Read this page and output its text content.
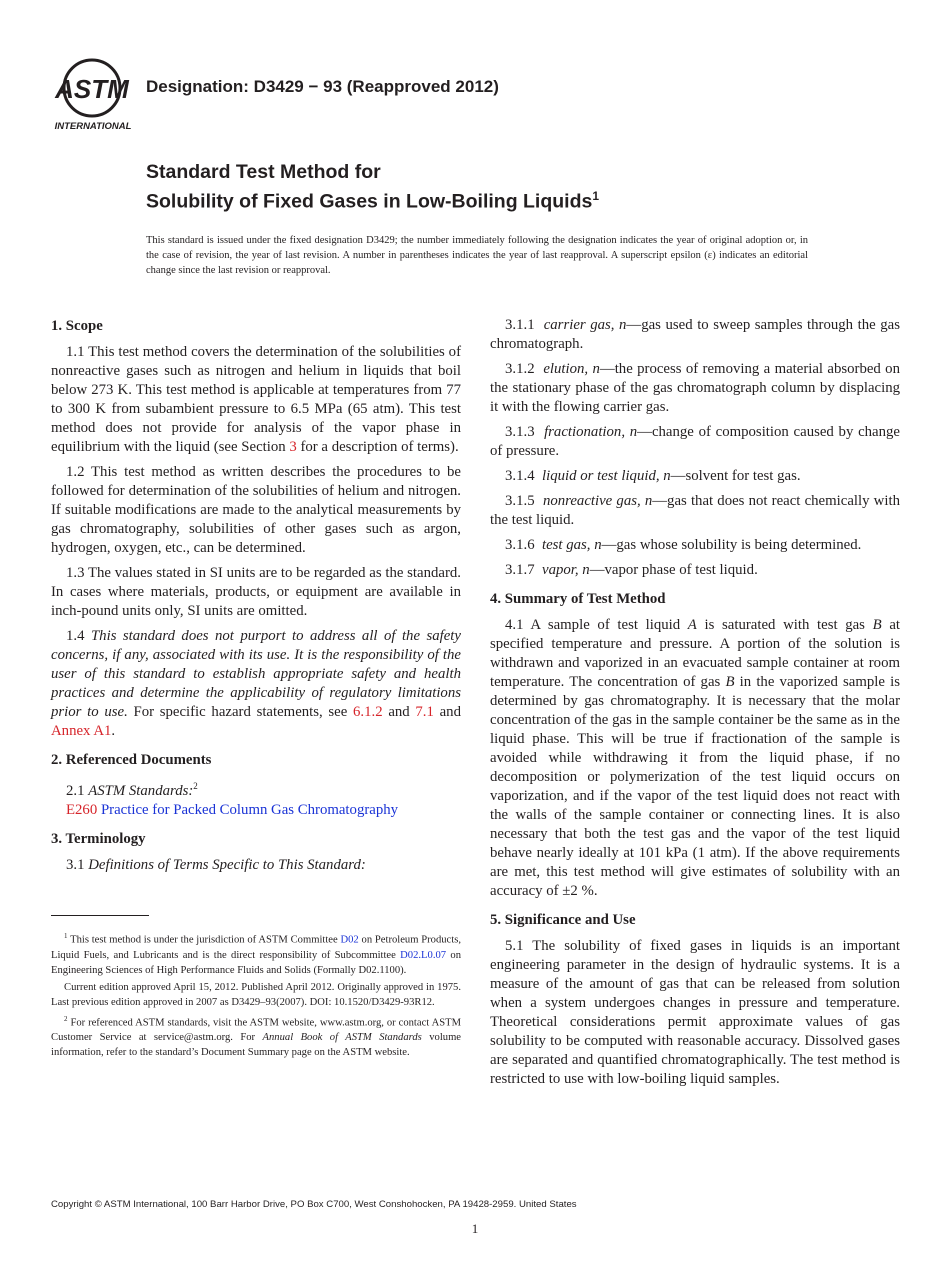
ASTM
INTERNATIONAL
Designation: D3429 − 93 (Reapproved 2012)
Standard Test Method for
Solubility of Fixed Gases in Low-Boiling Liquids$^1$
This standard is issued under the fixed designation D3429; the number immediately following the designation indicates the year of original adoption or, in the case of revision, the year of last revision. A number in parentheses indicates the year of last reapproval. A superscript epsilon (ε) indicates an editorial change since the last revision or reapproval.

1. Scope

1.1 This test method covers the determination of the solubilities of nonreactive gases such as nitrogen and helium in liquids that boil below 273 K. This test method is applicable at temperatures from 77 to 300 K from subambient pressure to 6.5 MPa (65 atm). This test method does not provide for analysis of the vapor phase in equilibrium with the liquid (see Section 3 for a description of terms).

1.2 This test method as written describes the procedures to be followed for determination of the solubilities of helium and nitrogen. If suitable modifications are made to the analytical measurements by gas chromatography, solubilities of other gases such as argon, hydrogen, oxygen, etc., can be determined.

1.3 The values stated in SI units are to be regarded as the standard. In cases where materials, products, or equipment are available in inch-pound units only, SI units are omitted.

1.4 This standard does not purport to address all of the safety concerns, if any, associated with its use. It is the responsibility of the user of this standard to establish appropriate safety and health practices and determine the applicability of regulatory limitations prior to use. For specific hazard statements, see 6.1.2 and 7.1 and Annex A1.

2. Referenced Documents

2.1 ASTM Standards:$^2$

E260 Practice for Packed Column Gas Chromatography

3. Terminology

3.1 Definitions of Terms Specific to This Standard:

3.1.1 carrier gas, n—gas used to sweep samples through the gas chromatograph.

3.1.2 elution, n—the process of removing a material absorbed on the stationary phase of the gas chromatograph column by displacing it with the flowing carrier gas.

3.1.3 fractionation, n—change of composition caused by change of pressure.

3.1.4 liquid or test liquid, n—solvent for test gas.

3.1.5 nonreactive gas, n—gas that does not react chemically with the test liquid.

3.1.6 test gas, n—gas whose solubility is being determined.

3.1.7 vapor, n—vapor phase of test liquid.

4. Summary of Test Method

4.1 A sample of test liquid A is saturated with test gas B at specified temperature and pressure. A portion of the solution is withdrawn and vaporized in an evacuated sample container at room temperature. The concentration of gas B in the vaporized sample is determined by gas chromatography. It is necessary that the molar concentration of the gas in the sample container be the same as in the liquid phase. This will be true if fractionation of the sample is avoided while withdrawing it from the liquid phase, if no decomposition or polymerization of the test liquid occurs on vaporization, and if the vapor of the test liquid does not react with the walls of the sample container or connecting lines. It is also necessary that both the test gas and the vapor of the test liquid behave nearly ideally at 101 kPa (1 atm). If the above requirements are met, this test method will give estimates of solubility with an accuracy of ±2 %.

5. Significance and Use

5.1 The solubility of fixed gases in liquids is an important engineering parameter in the design of hydraulic systems. It is a measure of the amount of gas that can be released from solution when a system undergoes changes in pressure and temperature. Theoretical considerations permit approximate values of gas solubility to be computed with reasonable accuracy. Dissolved gases are separated and quantified chromatographically. The test method is restricted to use with low-boiling liquid samples.

$^1$ This test method is under the jurisdiction of ASTM Committee D02 on Petroleum Products, Liquid Fuels, and Lubricants and is the direct responsibility of Subcommittee D02.L0.07 on Engineering Sciences of High Performance Fluids and Solids (Formally D02.1100).

Current edition approved April 15, 2012. Published April 2012. Originally approved in 1975. Last previous edition approved in 2007 as D3429–93(2007). DOI: 10.1520/D3429-93R12.

$^2$ For referenced ASTM standards, visit the ASTM website, www.astm.org, or contact ASTM Customer Service at service@astm.org. For Annual Book of ASTM Standards volume information, refer to the standard’s Document Summary page on the ASTM website.

Copyright © ASTM International, 100 Barr Harbor Drive, PO Box C700, West Conshohocken, PA 19428-2959. United States
1
